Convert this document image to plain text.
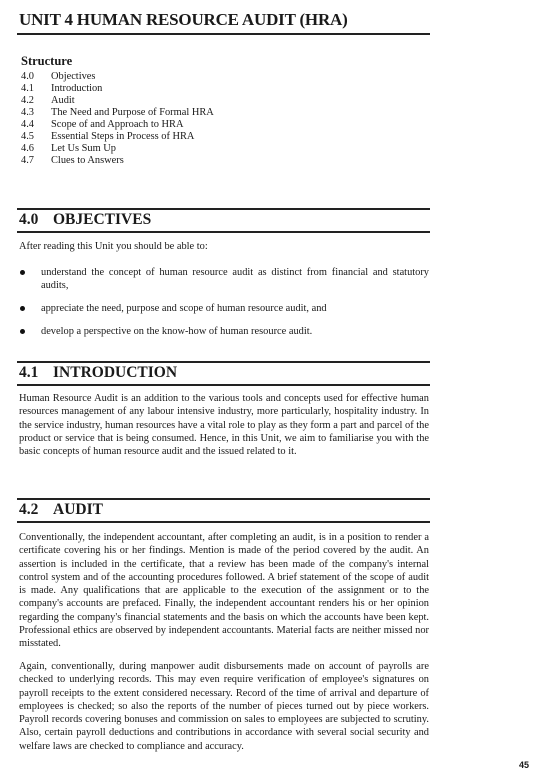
UNIT 4 HUMAN RESOURCE AUDIT (HRA)
Structure
4.0 Objectives
4.1 Introduction
4.2 Audit
4.3 The Need and Purpose of Formal HRA
4.4 Scope of and Approach to HRA
4.5 Essential Steps in Process of HRA
4.6 Let Us Sum Up
4.7 Clues to Answers
4.0 OBJECTIVES
After reading this Unit you should be able to:
understand the concept of human resource audit as distinct from financial and statutory audits,
appreciate the need, purpose and scope of human resource audit, and
develop a perspective on the know-how of human resource audit.
4.1 INTRODUCTION

Human Resource Audit is an addition to the various tools and concepts used for effective human resources management of any labour intensive industry, more particularly, hospitality industry. In the service industry, human resources have a vital role to play as they form a part and parcel of the product or service that is being consumed. Hence, in this Unit, we aim to familiarise you with the basic concepts of human resource audit and the issued related to it.

4.2 AUDIT

Conventionally, the independent accountant, after completing an audit, is in a position to render a certificate covering his or her findings. Mention is made of the period covered by the audit. An assertion is included in the certificate, that a review has been made of the company's internal control system and of the accounting procedures followed. A brief statement of the scope of audit is made. Any qualifications that are applicable to the execution of the assignment or to the company's accounts are prefaced. Finally, the independent accountant renders his or her opinion regarding the company's financial statements and the basis on which the accounts have been kept. Professional ethics are observed by independent accountants. Material facts are neither missed nor misstated.

Again, conventionally, during manpower audit disbursements made on account of payrolls are checked to underlying records. This may even require verification of employee's signatures on payroll receipts to the extent considered necessary. Record of the time of arrival and departure of employees is checked; so also the reports of the number of pieces turned out by piece workers. Payroll records covering bonuses and commission on sales to employees are subjected to scrutiny. Also, certain payroll deductions and contributions in accordance with several social security and welfare laws are checked to compliance and accuracy.

45
